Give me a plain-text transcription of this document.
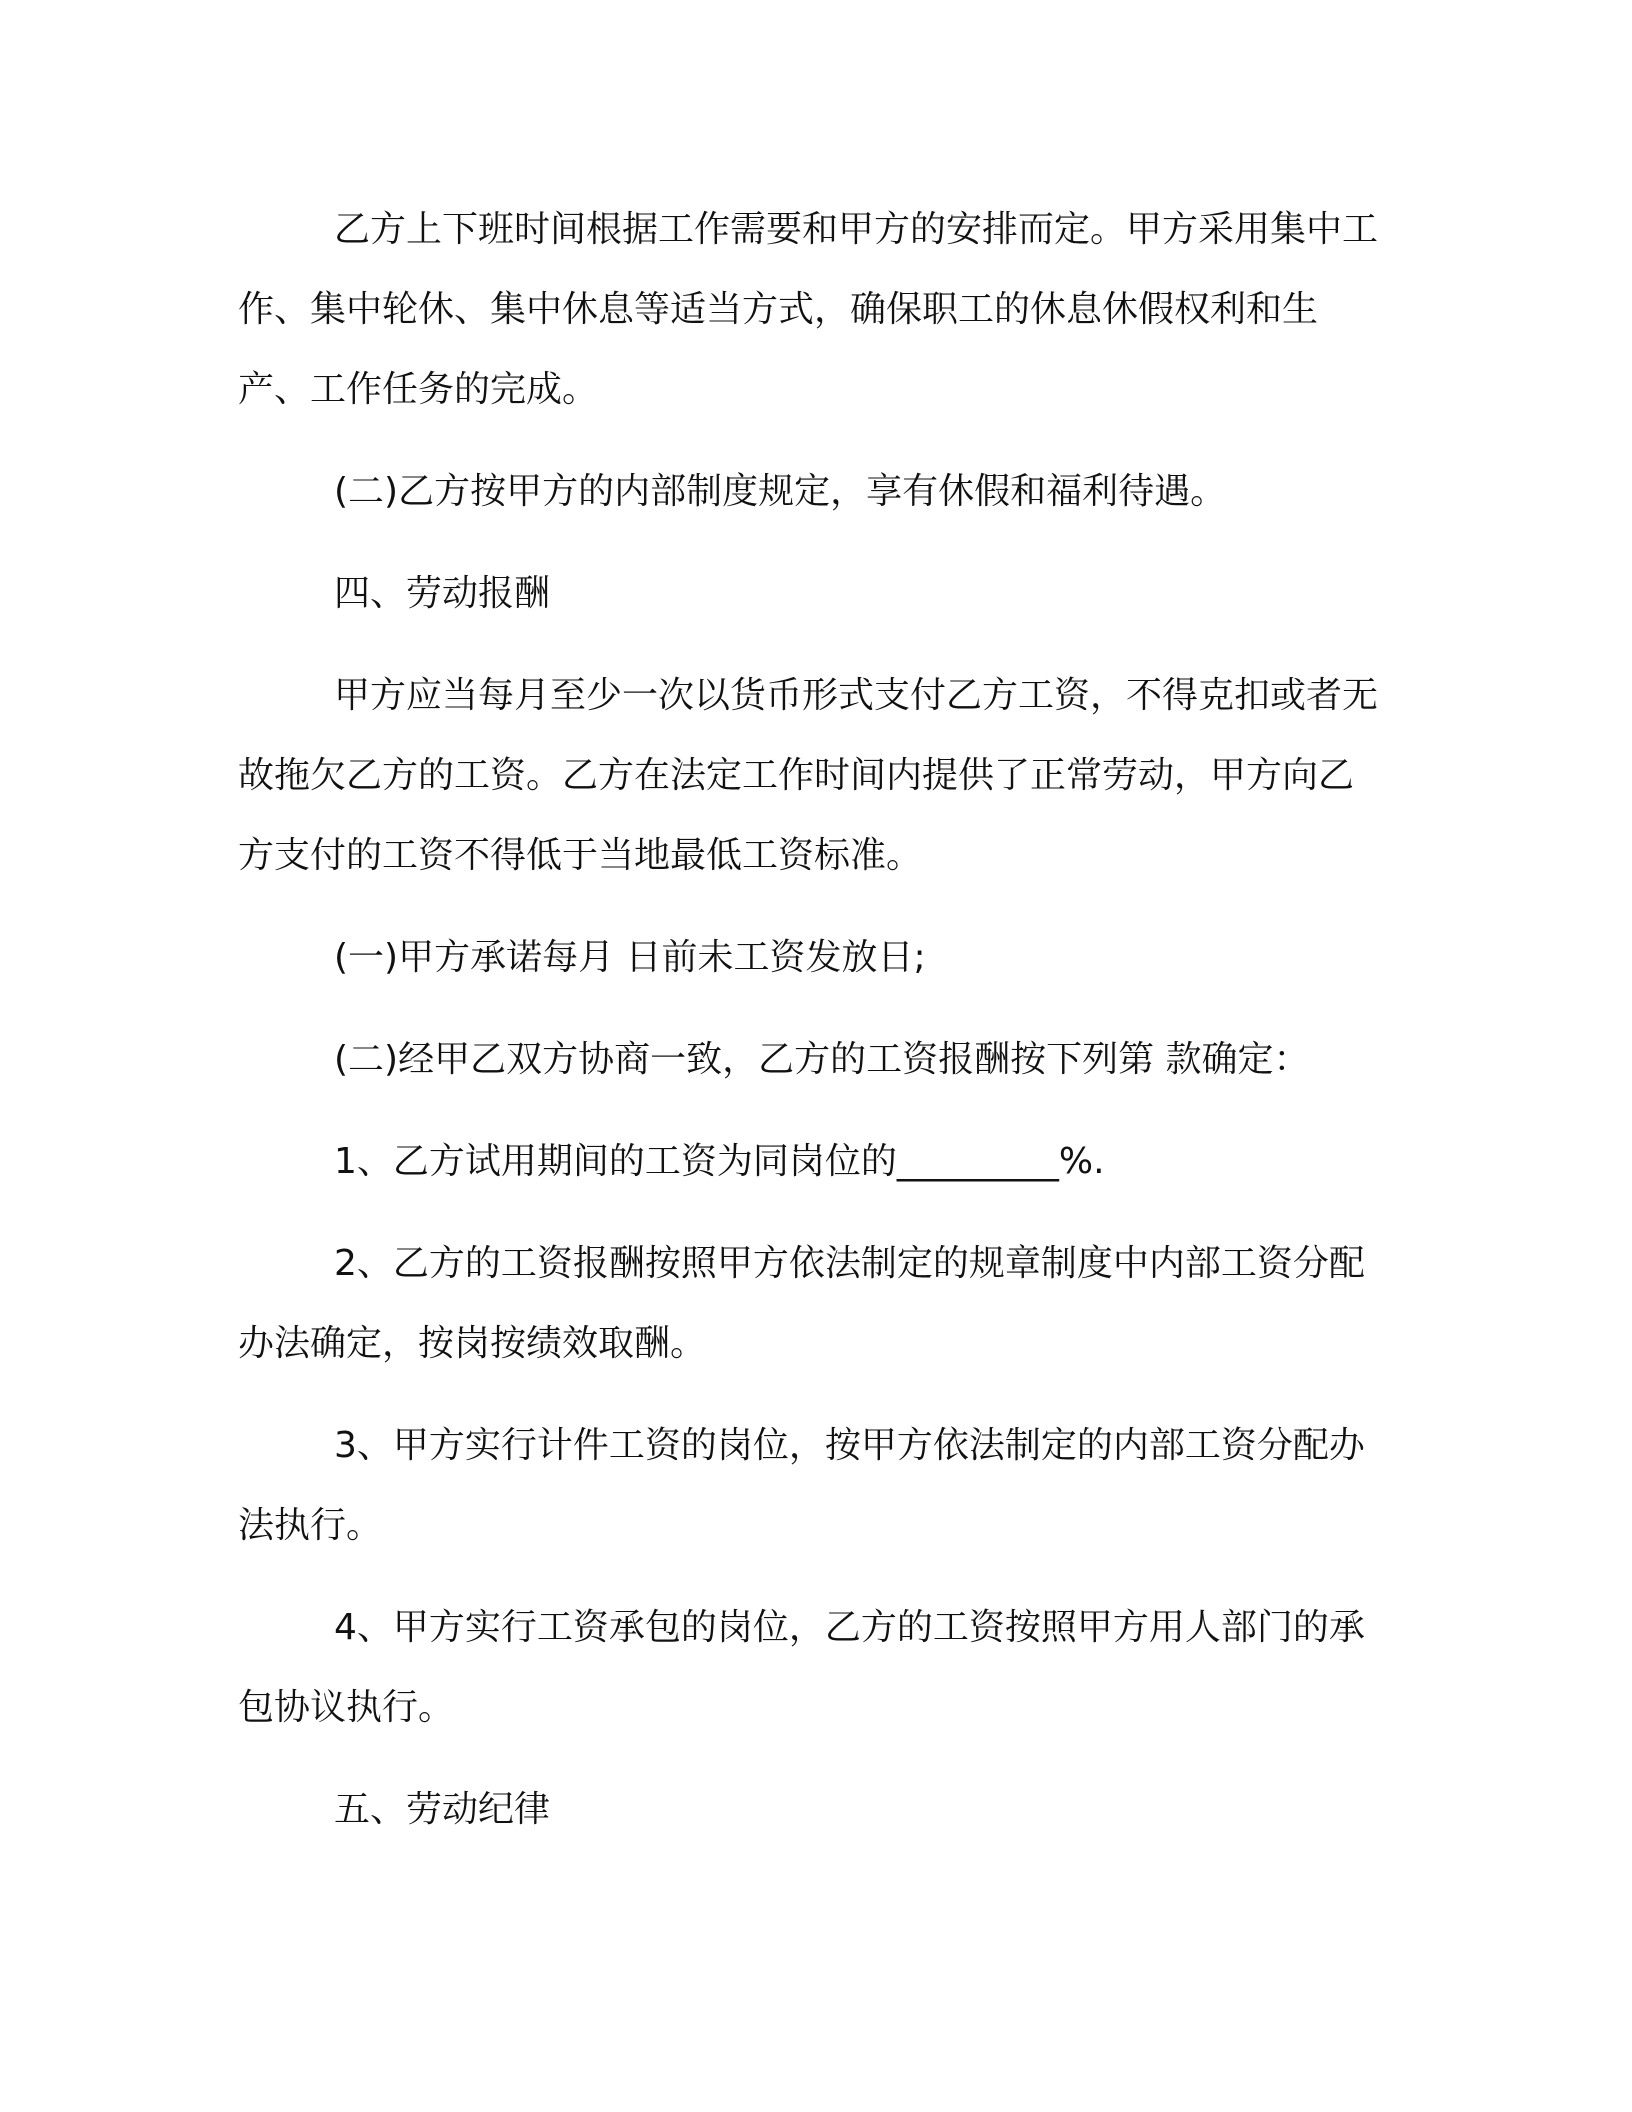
乙方上下班时间根据工作需要和甲方的安排而定。甲方采用集中工作、集中轮休、集中休息等适当方式，确保职工的休息休假权利和生产、工作任务的完成。

(二)乙方按甲方的内部制度规定，享有休假和福利待遇。

四、劳动报酬

甲方应当每月至少一次以货币形式支付乙方工资，不得克扣或者无故拖欠乙方的工资。乙方在法定工作时间内提供了正常劳动，甲方向乙方支付的工资不得低于当地最低工资标准。

(一)甲方承诺每月 日前未工资发放日;

(二)经甲乙双方协商一致，乙方的工资报酬按下列第 款确定：

1、乙方试用期间的工资为同岗位的_________%.

2、乙方的工资报酬按照甲方依法制定的规章制度中内部工资分配办法确定，按岗按绩效取酬。

3、甲方实行计件工资的岗位，按甲方依法制定的内部工资分配办法执行。

4、甲方实行工资承包的岗位，乙方的工资按照甲方用人部门的承包协议执行。

五、劳动纪律
